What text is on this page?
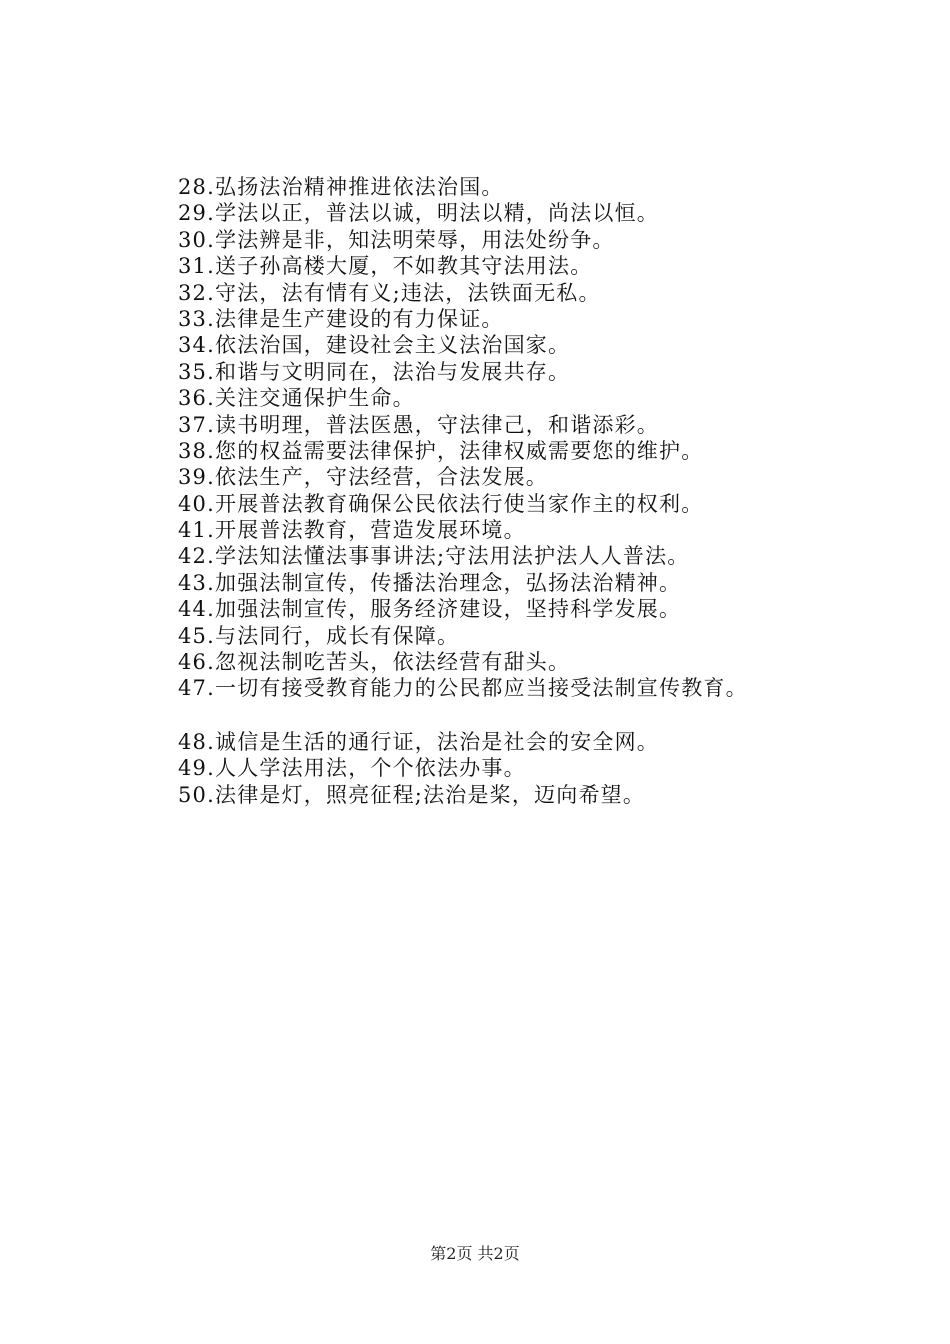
28.弘扬法治精神推进依法治国。
29.学法以正，普法以诚，明法以精，尚法以恒。
30.学法辨是非，知法明荣辱，用法处纷争。
31.送子孙高楼大厦，不如教其守法用法。
32.守法，法有情有义;违法，法铁面无私。
33.法律是生产建设的有力保证。
34.依法治国，建设社会主义法治国家。
35.和谐与文明同在，法治与发展共存。
36.关注交通保护生命。
37.读书明理，普法医愚，守法律己，和谐添彩。
38.您的权益需要法律保护，法律权威需要您的维护。
39.依法生产，守法经营，合法发展。
40.开展普法教育确保公民依法行使当家作主的权利。
41.开展普法教育，营造发展环境。
42.学法知法懂法事事讲法;守法用法护法人人普法。
43.加强法制宣传，传播法治理念，弘扬法治精神。
44.加强法制宣传，服务经济建设，坚持科学发展。
45.与法同行，成长有保障。
46.忽视法制吃苦头，依法经营有甜头。
47.一切有接受教育能力的公民都应当接受法制宣传教育。
48.诚信是生活的通行证，法治是社会的安全网。
49.人人学法用法，个个依法办事。
50.法律是灯，照亮征程;法治是桨，迈向希望。
第2页 共2页
